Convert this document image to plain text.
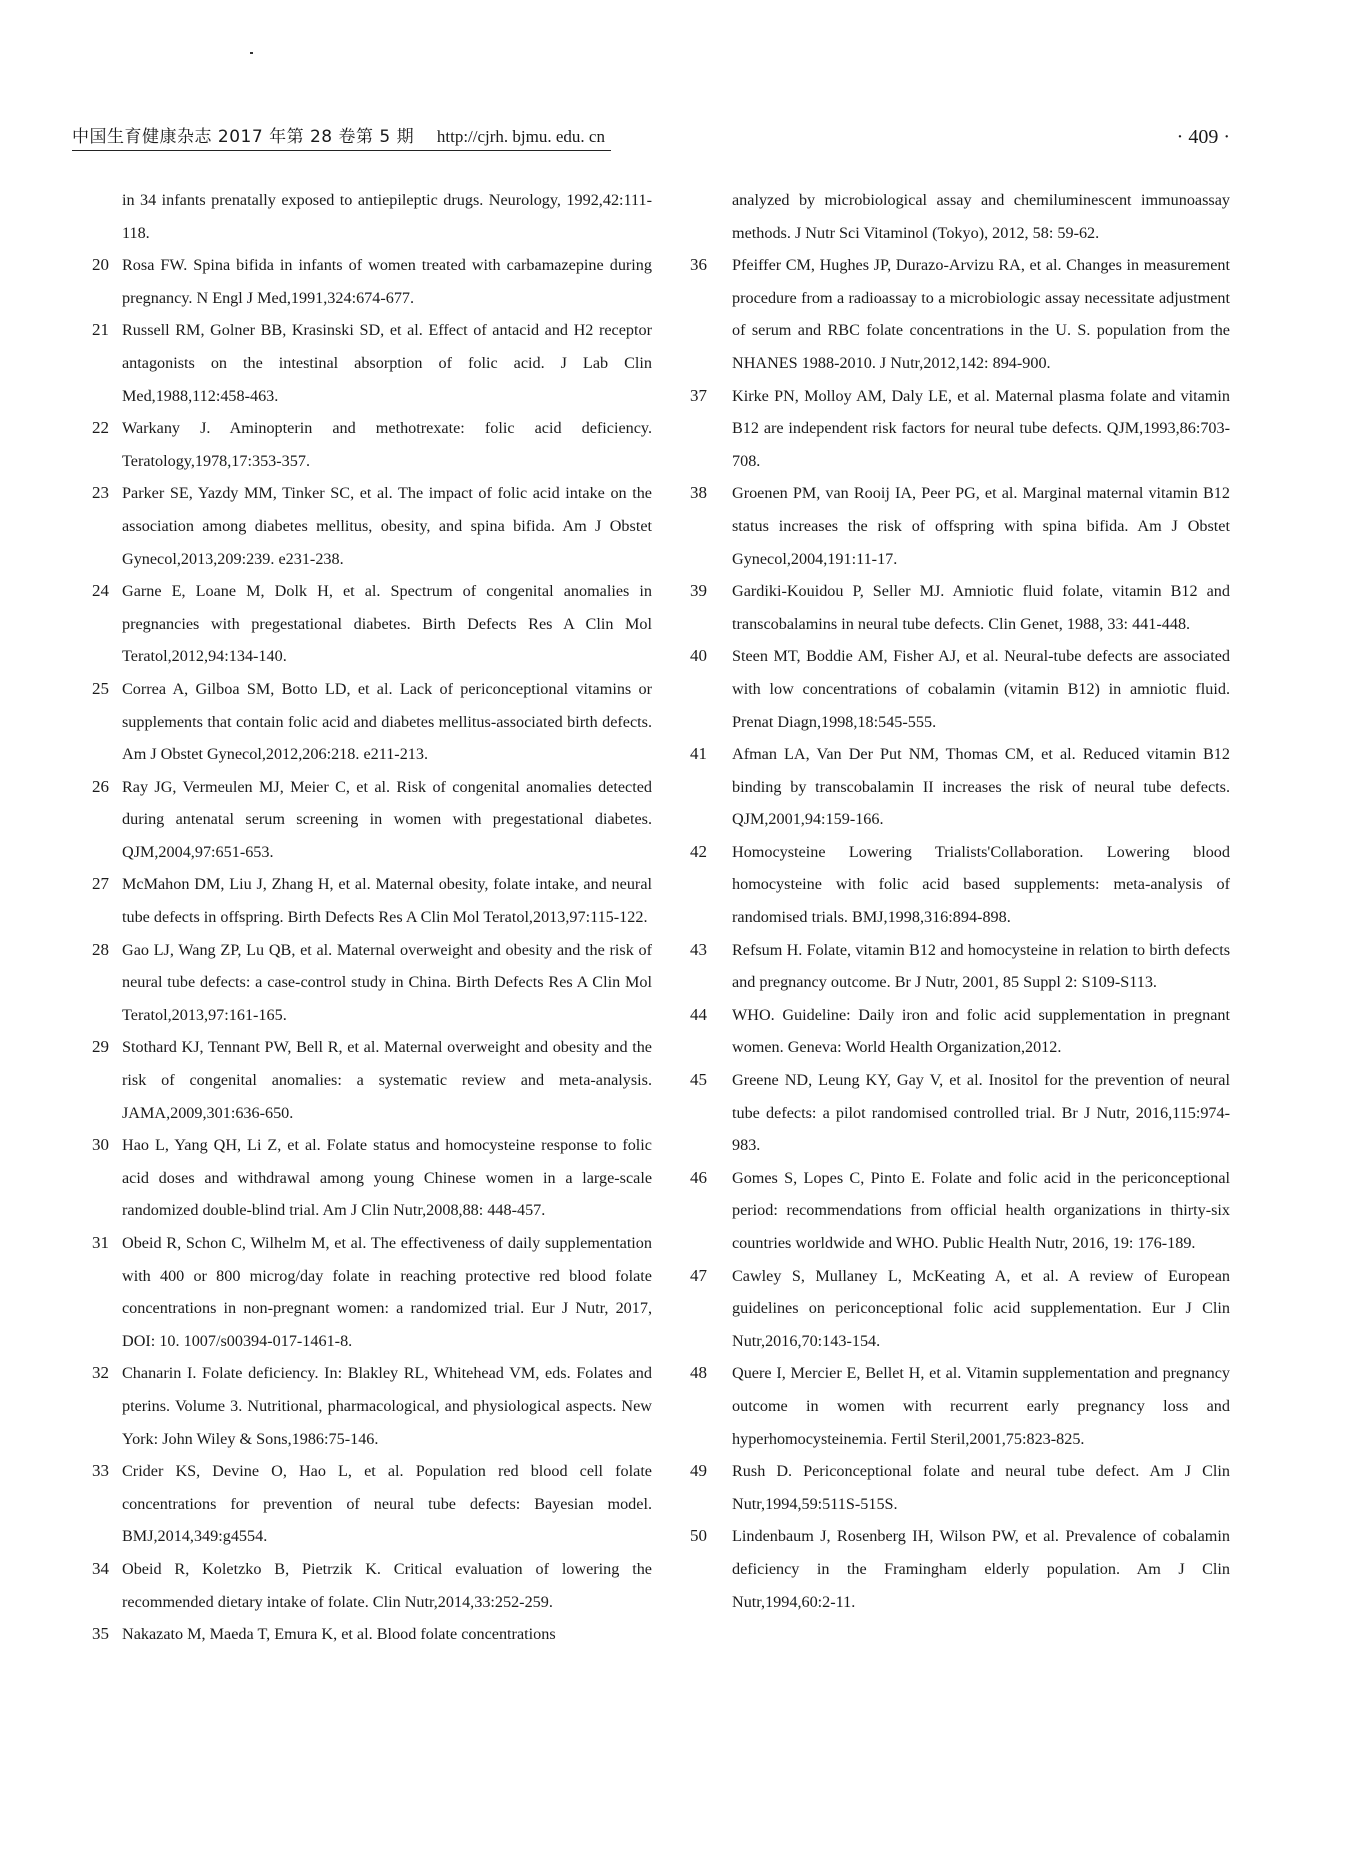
中国生育健康杂志 2017 年第 28 卷第 5 期 http://cjrh. bjmu. edu. cn	· 409 ·
in 34 infants prenatally exposed to antiepileptic drugs. Neurology, 1992,42:111-118.
20 Rosa FW. Spina bifida in infants of women treated with carbamazepine during pregnancy. N Engl J Med,1991,324:674-677.
21 Russell RM, Golner BB, Krasinski SD, et al. Effect of antacid and H2 receptor antagonists on the intestinal absorption of folic acid. J Lab Clin Med,1988,112:458-463.
22 Warkany J. Aminopterin and methotrexate: folic acid deficiency. Teratology,1978,17:353-357.
23 Parker SE, Yazdy MM, Tinker SC, et al. The impact of folic acid intake on the association among diabetes mellitus, obesity, and spina bifida. Am J Obstet Gynecol,2013,209:239. e231-238.
24 Garne E, Loane M, Dolk H, et al. Spectrum of congenital anomalies in pregnancies with pregestational diabetes. Birth Defects Res A Clin Mol Teratol,2012,94:134-140.
25 Correa A, Gilboa SM, Botto LD, et al. Lack of periconceptional vitamins or supplements that contain folic acid and diabetes mellitus-associated birth defects. Am J Obstet Gynecol,2012,206:218. e211-213.
26 Ray JG, Vermeulen MJ, Meier C, et al. Risk of congenital anomalies detected during antenatal serum screening in women with pregestational diabetes. QJM,2004,97:651-653.
27 McMahon DM, Liu J, Zhang H, et al. Maternal obesity, folate intake, and neural tube defects in offspring. Birth Defects Res A Clin Mol Teratol,2013,97:115-122.
28 Gao LJ, Wang ZP, Lu QB, et al. Maternal overweight and obesity and the risk of neural tube defects: a case-control study in China. Birth Defects Res A Clin Mol Teratol,2013,97:161-165.
29 Stothard KJ, Tennant PW, Bell R, et al. Maternal overweight and obesity and the risk of congenital anomalies: a systematic review and meta-analysis. JAMA,2009,301:636-650.
30 Hao L, Yang QH, Li Z, et al. Folate status and homocysteine response to folic acid doses and withdrawal among young Chinese women in a large-scale randomized double-blind trial. Am J Clin Nutr,2008,88: 448-457.
31 Obeid R, Schon C, Wilhelm M, et al. The effectiveness of daily supplementation with 400 or 800 microg/day folate in reaching protective red blood folate concentrations in non-pregnant women: a randomized trial. Eur J Nutr, 2017, DOI: 10. 1007/s00394-017-1461-8.
32 Chanarin I. Folate deficiency. In: Blakley RL, Whitehead VM, eds. Folates and pterins. Volume 3. Nutritional, pharmacological, and physiological aspects. New York: John Wiley & Sons,1986:75-146.
33 Crider KS, Devine O, Hao L, et al. Population red blood cell folate concentrations for prevention of neural tube defects: Bayesian model. BMJ,2014,349:g4554.
34 Obeid R, Koletzko B, Pietrzik K. Critical evaluation of lowering the recommended dietary intake of folate. Clin Nutr,2014,33:252-259.
35 Nakazato M, Maeda T, Emura K, et al. Blood folate concentrations
analyzed by microbiological assay and chemiluminescent immunoassay methods. J Nutr Sci Vitaminol (Tokyo), 2012, 58: 59-62.
36 Pfeiffer CM, Hughes JP, Durazo-Arvizu RA, et al. Changes in measurement procedure from a radioassay to a microbiologic assay necessitate adjustment of serum and RBC folate concentrations in the U. S. population from the NHANES 1988-2010. J Nutr,2012,142: 894-900.
37 Kirke PN, Molloy AM, Daly LE, et al. Maternal plasma folate and vitamin B12 are independent risk factors for neural tube defects. QJM,1993,86:703-708.
38 Groenen PM, van Rooij IA, Peer PG, et al. Marginal maternal vitamin B12 status increases the risk of offspring with spina bifida. Am J Obstet Gynecol,2004,191:11-17.
39 Gardiki-Kouidou P, Seller MJ. Amniotic fluid folate, vitamin B12 and transcobalamins in neural tube defects. Clin Genet, 1988, 33: 441-448.
40 Steen MT, Boddie AM, Fisher AJ, et al. Neural-tube defects are associated with low concentrations of cobalamin (vitamin B12) in amniotic fluid. Prenat Diagn,1998,18:545-555.
41 Afman LA, Van Der Put NM, Thomas CM, et al. Reduced vitamin B12 binding by transcobalamin II increases the risk of neural tube defects. QJM,2001,94:159-166.
42 Homocysteine Lowering Trialists'Collaboration. Lowering blood homocysteine with folic acid based supplements: meta-analysis of randomised trials. BMJ,1998,316:894-898.
43 Refsum H. Folate, vitamin B12 and homocysteine in relation to birth defects and pregnancy outcome. Br J Nutr, 2001, 85 Suppl 2: S109-S113.
44 WHO. Guideline: Daily iron and folic acid supplementation in pregnant women. Geneva: World Health Organization,2012.
45 Greene ND, Leung KY, Gay V, et al. Inositol for the prevention of neural tube defects: a pilot randomised controlled trial. Br J Nutr, 2016,115:974-983.
46 Gomes S, Lopes C, Pinto E. Folate and folic acid in the periconceptional period: recommendations from official health organizations in thirty-six countries worldwide and WHO. Public Health Nutr, 2016, 19: 176-189.
47 Cawley S, Mullaney L, McKeating A, et al. A review of European guidelines on periconceptional folic acid supplementation. Eur J Clin Nutr,2016,70:143-154.
48 Quere I, Mercier E, Bellet H, et al. Vitamin supplementation and pregnancy outcome in women with recurrent early pregnancy loss and hyperhomocysteinemia. Fertil Steril,2001,75:823-825.
49 Rush D. Periconceptional folate and neural tube defect. Am J Clin Nutr,1994,59:511S-515S.
50 Lindenbaum J, Rosenberg IH, Wilson PW, et al. Prevalence of cobalamin deficiency in the Framingham elderly population. Am J Clin Nutr,1994,60:2-11.
